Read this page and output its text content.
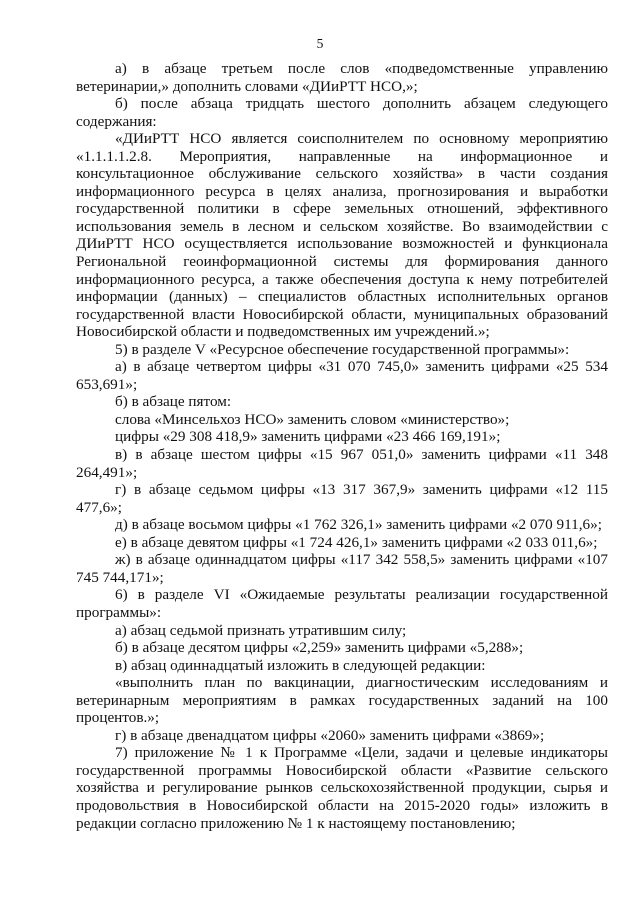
5

а) в абзаце третьем после слов «подведомственные управлению ветеринарии,» дополнить словами «ДИиРТТ НСО,»;

б) после абзаца тридцать шестого дополнить абзацем следующего содержания:

«ДИиРТТ НСО является соисполнителем по основному мероприятию «1.1.1.1.2.8. Мероприятия, направленные на информационное и консультационное обслуживание сельского хозяйства» в части создания информационного ресурса в целях анализа, прогнозирования и выработки государственной политики в сфере земельных отношений, эффективного использования земель в лесном и сельском хозяйстве. Во взаимодействии с ДИиРТТ НСО осуществляется использование возможностей и функционала Региональной геоинформационной системы для формирования данного информационного ресурса, а также обеспечения доступа к нему потребителей информации (данных) – специалистов областных исполнительных органов государственной власти Новосибирской области, муниципальных образований Новосибирской области и подведомственных им учреждений.»;

5) в разделе V «Ресурсное обеспечение государственной программы»:

а) в абзаце четвертом цифры «31 070 745,0» заменить цифрами «25 534 653,691»;

б) в абзаце пятом:

слова «Минсельхоз НСО» заменить словом «министерство»;

цифры «29 308 418,9» заменить цифрами «23 466 169,191»;

в) в абзаце шестом цифры «15 967 051,0» заменить цифрами «11 348 264,491»;

г) в абзаце седьмом цифры «13 317 367,9» заменить цифрами «12 115 477,6»;

д) в абзаце восьмом цифры «1 762 326,1» заменить цифрами «2 070 911,6»;

е) в абзаце девятом цифры «1 724 426,1» заменить цифрами «2 033 011,6»;

ж) в абзаце одиннадцатом цифры «117 342 558,5» заменить цифрами «107 745 744,171»;

6) в разделе VI «Ожидаемые результаты реализации государственной программы»:

а) абзац седьмой признать утратившим силу;

б) в абзаце десятом цифры «2,259» заменить цифрами «5,288»;

в) абзац одиннадцатый изложить в следующей редакции:

«выполнить план по вакцинации, диагностическим исследованиям и ветеринарным мероприятиям в рамках государственных заданий на 100 процентов.»;

г) в абзаце двенадцатом цифры «2060» заменить цифрами «3869»;

7) приложение № 1 к Программе «Цели, задачи и целевые индикаторы государственной программы Новосибирской области «Развитие сельского хозяйства и регулирование рынков сельскохозяйственной продукции, сырья и продовольствия в Новосибирской области на 2015-2020 годы» изложить в редакции согласно приложению № 1 к настоящему постановлению;
